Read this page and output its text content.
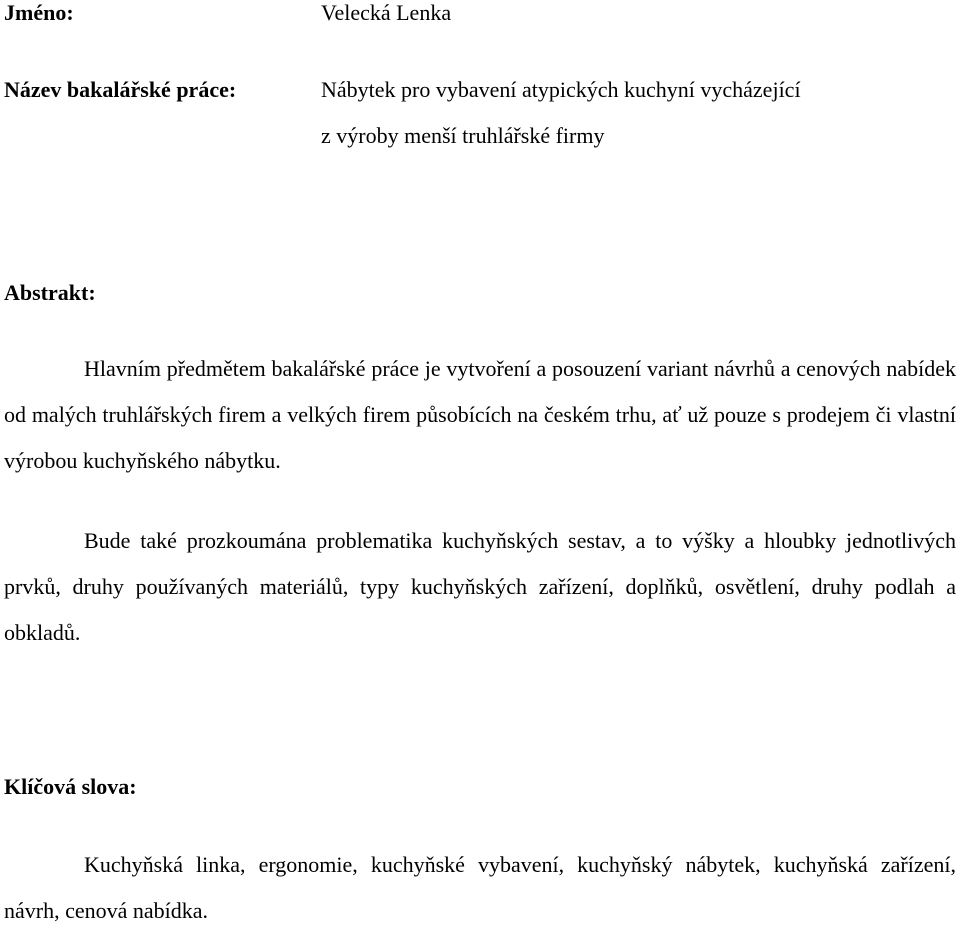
Jméno:	Velecká Lenka
Název bakalářské práce:	Nábytek pro vybavení atypických kuchyní vycházející
z výroby menší truhlářské firmy
Abstrakt:

Hlavním předmětem bakalářské práce je vytvoření a posouzení variant návrhů a cenových nabídek od malých truhlářských firem a velkých firem působících na českém trhu, ať už pouze s prodejem či vlastní výrobou kuchyňského nábytku.

Bude také prozkoumána problematika kuchyňských sestav, a to výšky a hloubky jednotlivých prvků, druhy používaných materiálů, typy kuchyňských zařízení, doplňků, osvětlení, druhy podlah a obkladů.

Klíčová slova:

Kuchyňská linka, ergonomie, kuchyňské vybavení, kuchyňský nábytek, kuchyňská zařízení, návrh, cenová nabídka.
